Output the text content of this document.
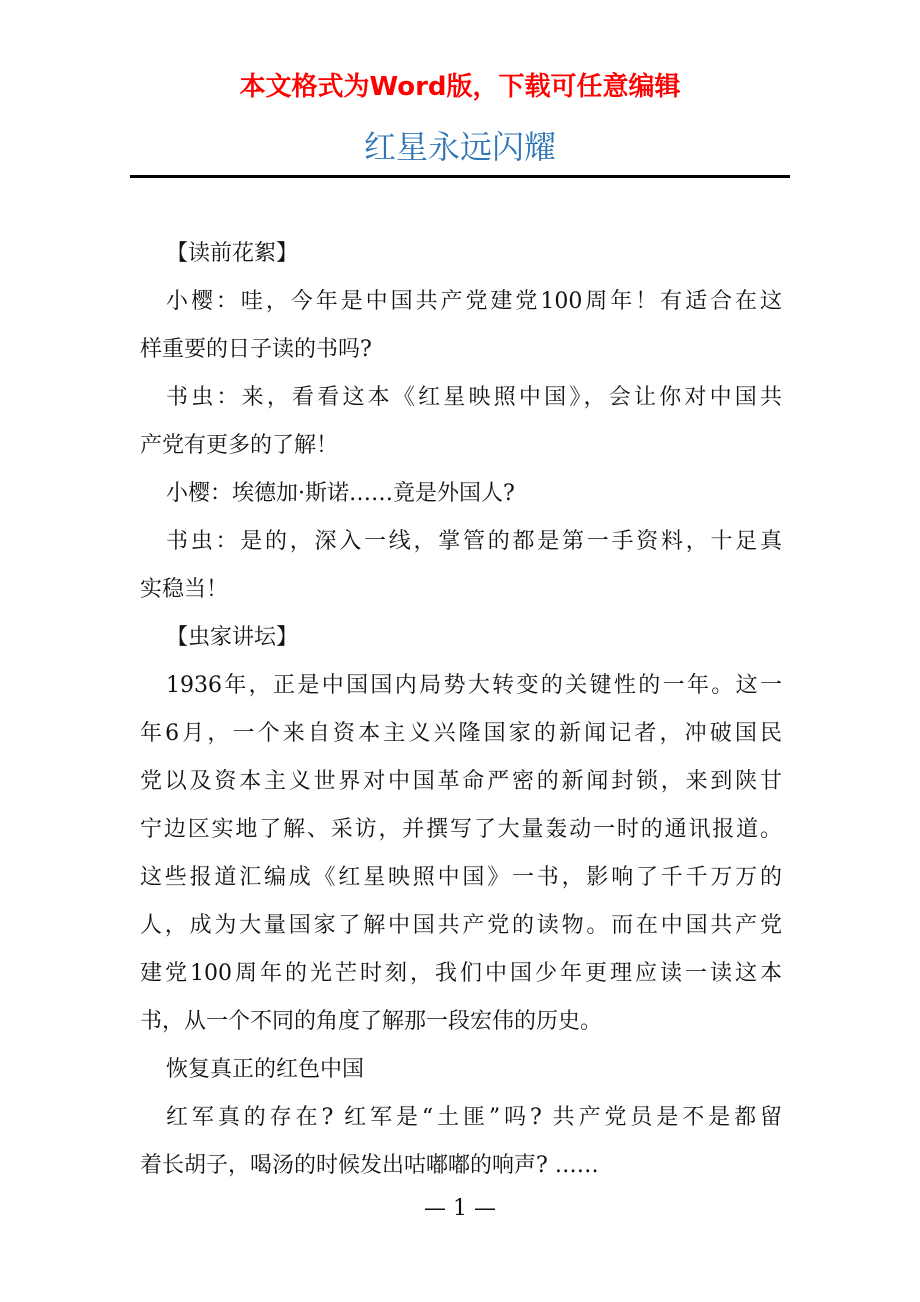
本文格式为Word版，下载可任意编辑
红星永远闪耀
【读前花絮】
小樱：哇，今年是中国共产党建党100周年！有适合在这
样重要的日子读的书吗?
书虫：来，看看这本《红星映照中国》，会让你对中国共
产党有更多的了解！
小樱：埃德加·斯诺……竟是外国人?
书虫：是的，深入一线，掌管的都是第一手资料，十足真
实稳当！
【虫家讲坛】
1936年，正是中国国内局势大转变的关键性的一年。这一
年6月，一个来自资本主义兴隆国家的新闻记者，冲破国民
党以及资本主义世界对中国革命严密的新闻封锁，来到陕甘
宁边区实地了解、采访，并撰写了大量轰动一时的通讯报道。
这些报道汇编成《红星映照中国》一书，影响了千千万万的
人，成为大量国家了解中国共产党的读物。而在中国共产党
建党100周年的光芒时刻，我们中国少年更理应读一读这本
书，从一个不同的角度了解那一段宏伟的历史。
恢复真正的红色中国
红军真的存在? 红军是“土匪”吗? 共产党员是不是都留
着长胡子，喝汤的时候发出咕嘟嘟的响声? ……
— 1 —
